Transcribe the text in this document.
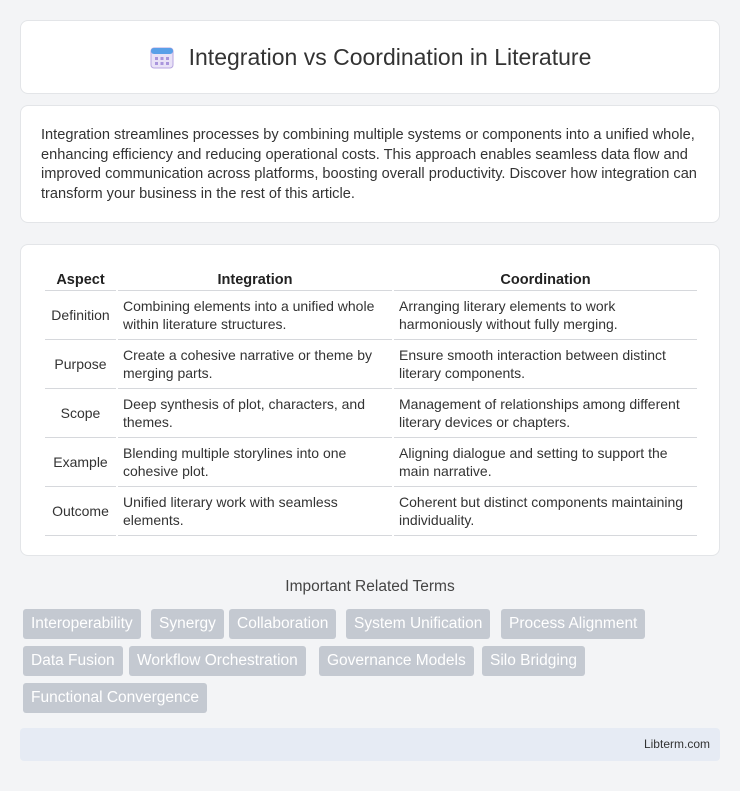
Integration vs Coordination in Literature

Integration streamlines processes by combining multiple systems or components into a unified whole, enhancing efficiency and reducing operational costs. This approach enables seamless data flow and improved communication across platforms, boosting overall productivity. Discover how integration can transform your business in the rest of this article.

Aspect	Integration	Coordination
Definition	Combining elements into a unified whole within literature structures.	Arranging literary elements to work harmoniously without fully merging.
Purpose	Create a cohesive narrative or theme by merging parts.	Ensure smooth interaction between distinct literary components.
Scope	Deep synthesis of plot, characters, and themes.	Management of relationships among different literary devices or chapters.
Example	Blending multiple storylines into one cohesive plot.	Aligning dialogue and setting to support the main narrative.
Outcome	Unified literary work with seamless elements.	Coherent but distinct components maintaining individuality.
Important Related Terms
Interoperability	Synergy	Collaboration	System Unification	Process Alignment
Data Fusion	Workflow Orchestration	Governance Models	Silo Bridging
Functional Convergence
Libterm.com
